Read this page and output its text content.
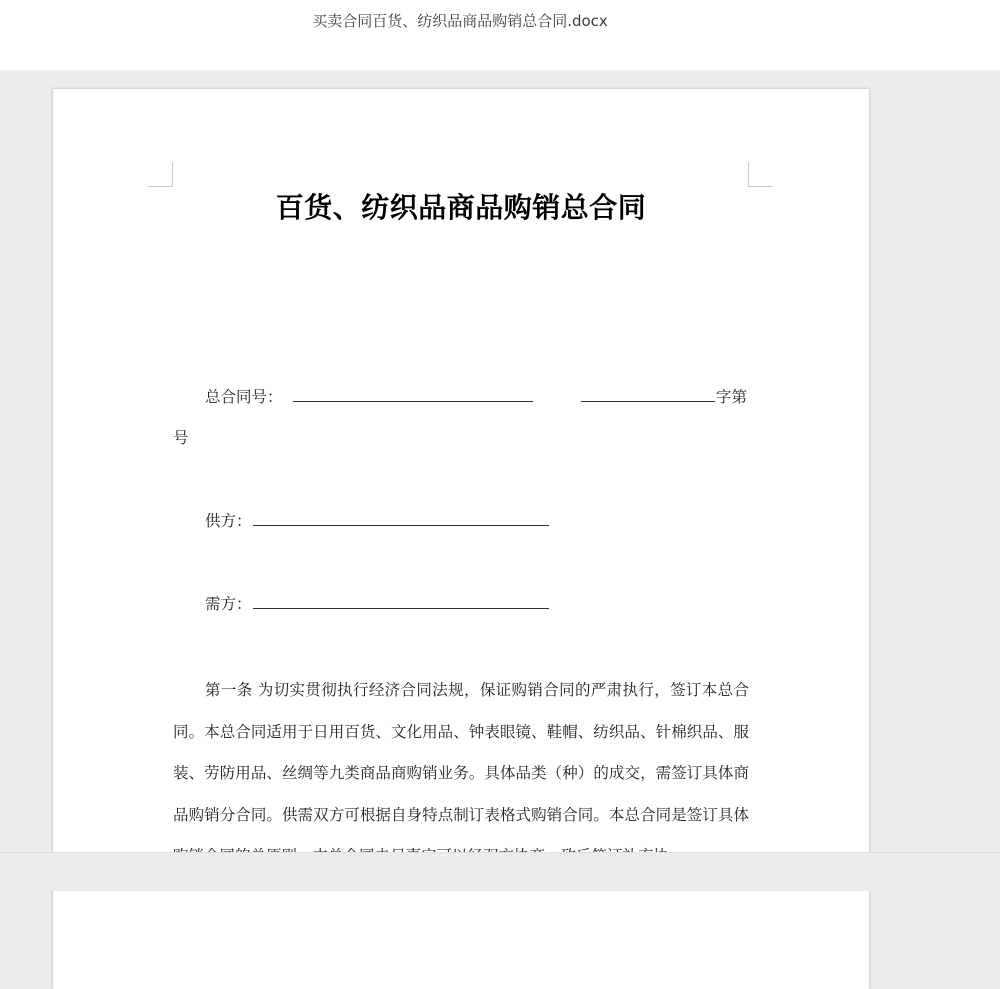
买卖合同百货、纺织品商品购销总合同.docx
百货、纺织品商品购销总合同
总合同号：	字第
号
供方：
需方：
第一条 为切实贯彻执行经济合同法规，保证购销合同的严肃执行，签订本总合同。本总合同适用于日用百货、文化用品、钟表眼镜、鞋帽、纺织品、针棉织品、服装、劳防用品、丝绸等九类商品商购销业务。具体品类（种）的成交，需签订具体商品购销分合同。供需双方可根据自身特点制订表格式购销合同。本总合同是签订具体
